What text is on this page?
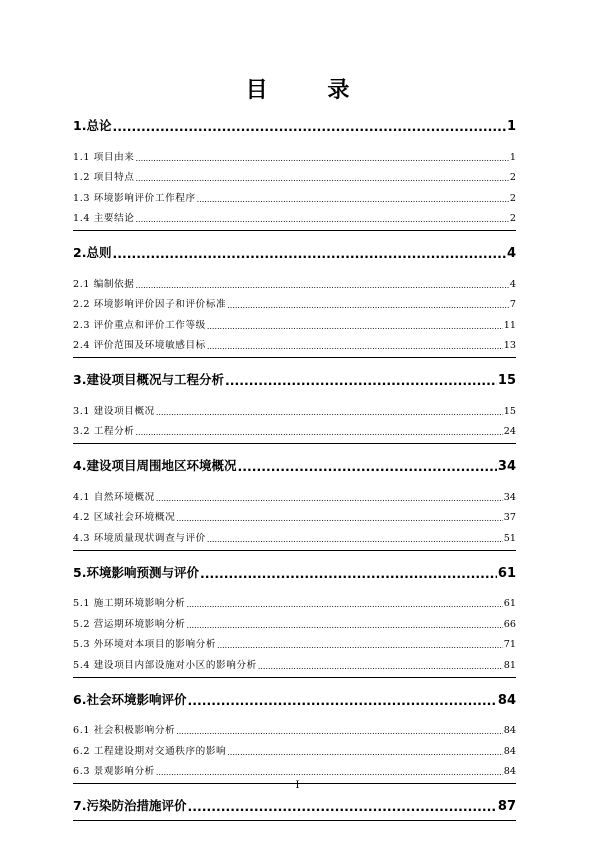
目 录
1.总论 .....	1
1.1 项目由来 .....	1
1.2 项目特点 .....	2
1.3 环境影响评价工作程序 .....	2
1.4 主要结论 .....	2
2.总则 .....	4
2.1 编制依据 .....	4
2.2 环境影响评价因子和评价标准 .....	7
2.3 评价重点和评价工作等级 .....	11
2.4 评价范围及环境敏感目标 .....	13
3.建设项目概况与工程分析 .....	15
3.1 建设项目概况 .....	15
3.2 工程分析 .....	24
4.建设项目周围地区环境概况 .....	34
4.1 自然环境概况 .....	34
4.2 区域社会环境概况 .....	37
4.3 环境质量现状调查与评价 .....	51
5.环境影响预测与评价 .....	61
5.1 施工期环境影响分析 .....	61
5.2 营运期环境影响分析 .....	66
5.3 外环境对本项目的影响分析 .....	71
5.4 建设项目内部设施对小区的影响分析 .....	81
6.社会环境影响评价 .....	84
6.1 社会积极影响分析 .....	84
6.2 工程建设期对交通秩序的影响 .....	84
6.3 景观影响分析 .....	84
7.污染防治措施评价 .....	87
I
